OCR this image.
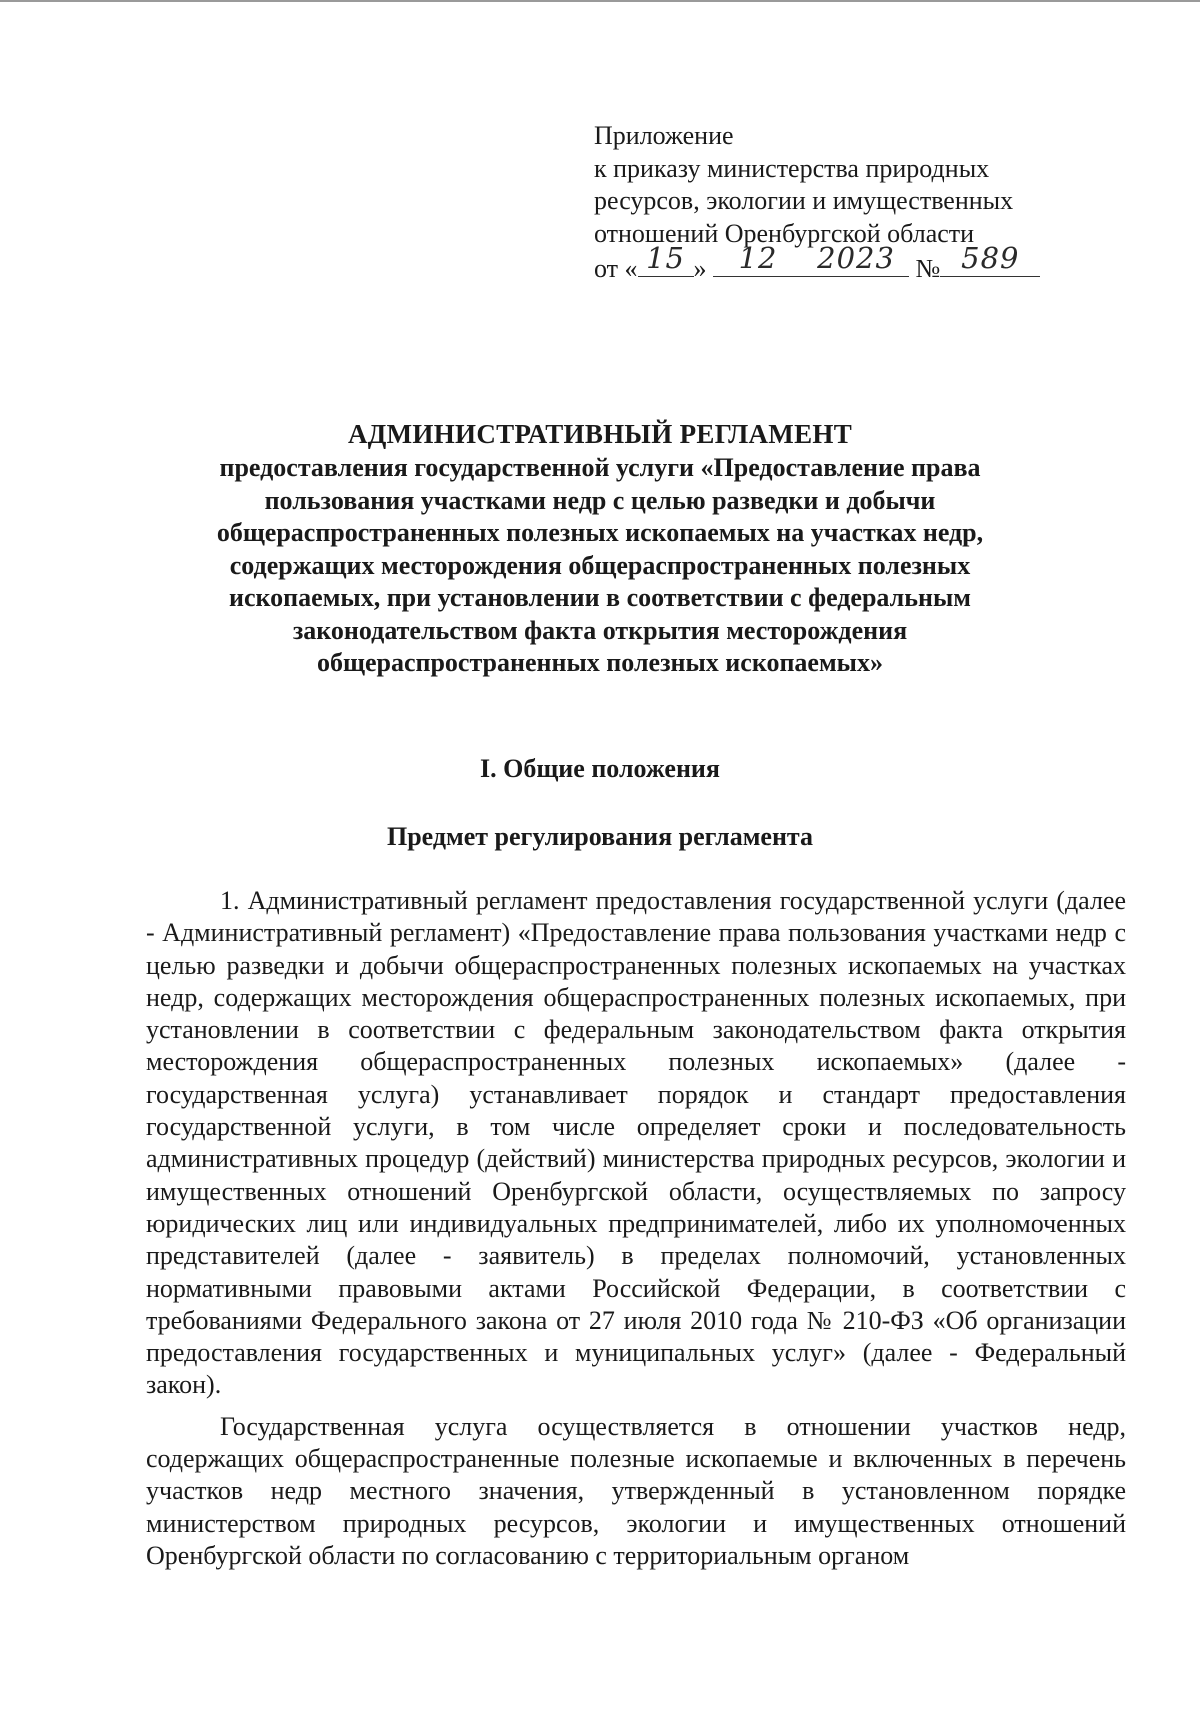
Приложение
к приказу министерства природных
ресурсов, экологии и имущественных
отношений Оренбургской области
от « 15 »	12	2023 № 589
АДМИНИСТРАТИВНЫЙ РЕГЛАМЕНТ
предоставления государственной услуги «Предоставление права
пользования участками недр с целью разведки и добычи
общераспространенных полезных ископаемых на участках недр,
содержащих месторождения общераспространенных полезных
ископаемых, при установлении в соответствии с федеральным
законодательством факта открытия месторождения
общераспространенных полезных ископаемых»
I. Общие положения
Предмет регулирования регламента

1. Административный регламент предоставления государственной услуги (далее - Административный регламент) «Предоставление права пользования участками недр с целью разведки и добычи общераспространенных полезных ископаемых на участках недр, содержащих месторождения общераспространенных полезных ископаемых, при установлении в соответствии с федеральным законодательством факта открытия месторождения общераспространенных полезных ископаемых» (далее - государственная услуга) устанавливает порядок и стандарт предоставления государственной услуги, в том числе определяет сроки и последовательность административных процедур (действий) министерства природных ресурсов, экологии и имущественных отношений Оренбургской области, осуществляемых по запросу юридических лиц или индивидуальных предпринимателей, либо их уполномоченных представителей (далее - заявитель) в пределах полномочий, установленных нормативными правовыми актами Российской Федерации, в соответствии с требованиями Федерального закона от 27 июля 2010 года № 210-ФЗ «Об организации предоставления государственных и муниципальных услуг» (далее - Федеральный закон).

Государственная услуга осуществляется в отношении участков недр, содержащих общераспространенные полезные ископаемые и включенных в перечень участков недр местного значения, утвержденный в установленном порядке министерством природных ресурсов, экологии и имущественных отношений Оренбургской области по согласованию с территориальным органом
